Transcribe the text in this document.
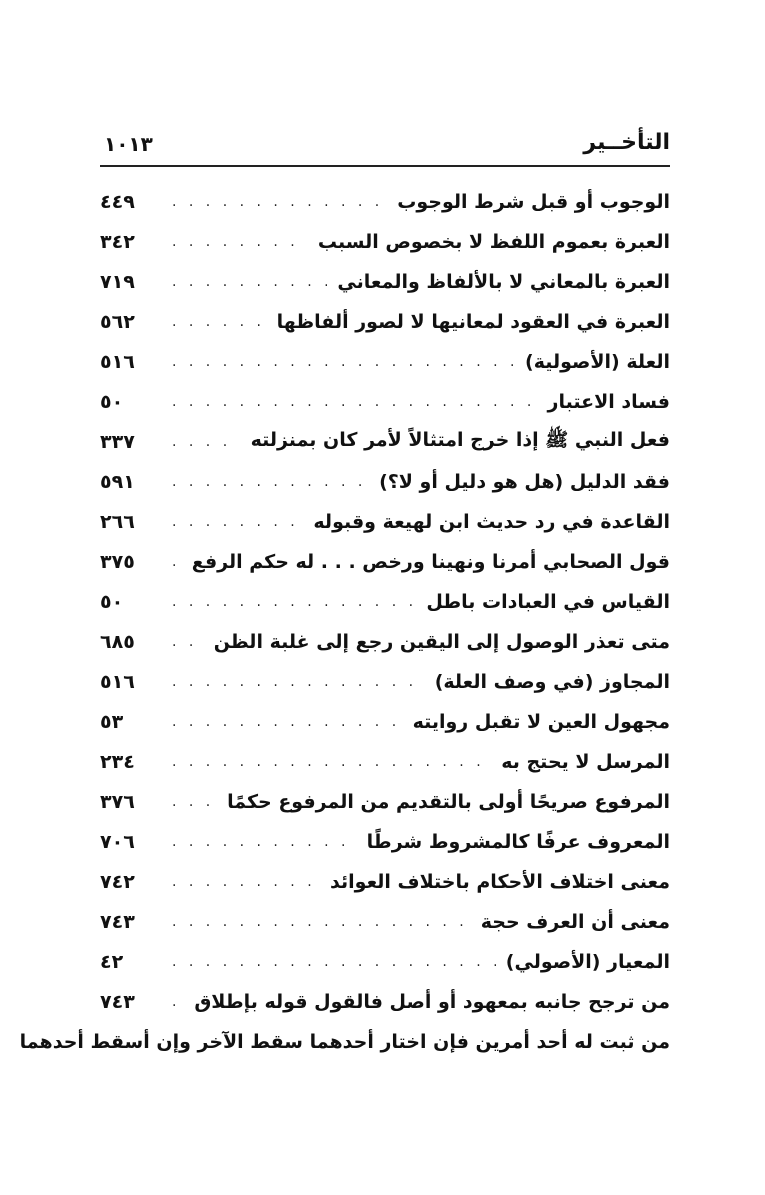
التأخــير
١٠١٣
الوجوب أو قبل شرط الوجوب
. . .
٤٤٩
العبرة بعموم اللفظ لا بخصوص السبب
. . .
٣٤٢
العبرة بالمعاني لا بالألفاظ والمعاني
. . .
٧١٩
العبرة في العقود لمعانيها لا لصور ألفاظها
. . .
٥٦٢
العلة (الأصولية)
. . .
٥١٦
فساد الاعتبار
. . .
٥٠
فعل النبي ﷺ إذا خرج امتثالاً لأمر كان بمنزلته
. . .
٣٣٧
فقد الدليل (هل هو دليل أو لا؟)
. . .
٥٩١
القاعدة في رد حديث ابن لهيعة وقبوله
. . .
٢٦٦
قول الصحابي أمرنا ونهينا ورخص . . . له حكم الرفع
. . .
٣٧٥
القياس في العبادات باطل
. . .
٥٠
متى تعذر الوصول إلى اليقين رجع إلى غلبة الظن
. . .
٦٨٥
المجاوز (في وصف العلة)
. . .
٥١٦
مجهول العين لا تقبل روايته
. . .
٥٣
المرسل لا يحتج به
. . .
٢٣٤
المرفوع صريحًا أولى بالتقديم من المرفوع حكمًا
. . .
٣٧٦
المعروف عرفًا كالمشروط شرطًا
. . .
٧٠٦
معنى اختلاف الأحكام باختلاف العوائد
. . .
٧٤٢
معنى أن العرف حجة
. . .
٧٤٣
المعيار (الأصولي)
. . .
٤٢
من ترجح جانبه بمعهود أو أصل فالقول قوله بإطلاق
. . .
٧٤٣
من ثبت له أحد أمرين فإن اختار أحدهما سقط الآخر وإن أسقط أحدهما
